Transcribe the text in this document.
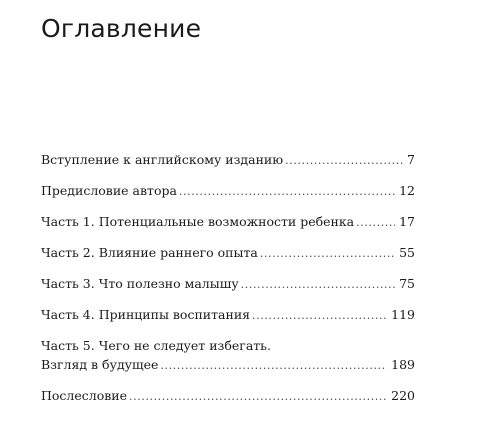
Оглавление
Вступление к английскому изданию .....	7
Предисловие автора .....	12
Часть 1. Потенциальные возможности ребенка .....	17
Часть 2. Влияние раннего опыта .....	55
Часть 3. Что полезно малышу .....	75
Часть 4. Принципы воспитания .....	119
Часть 5. Чего не следует избегать.
Взгляд в будущее .....	189
Послесловие .....	220
